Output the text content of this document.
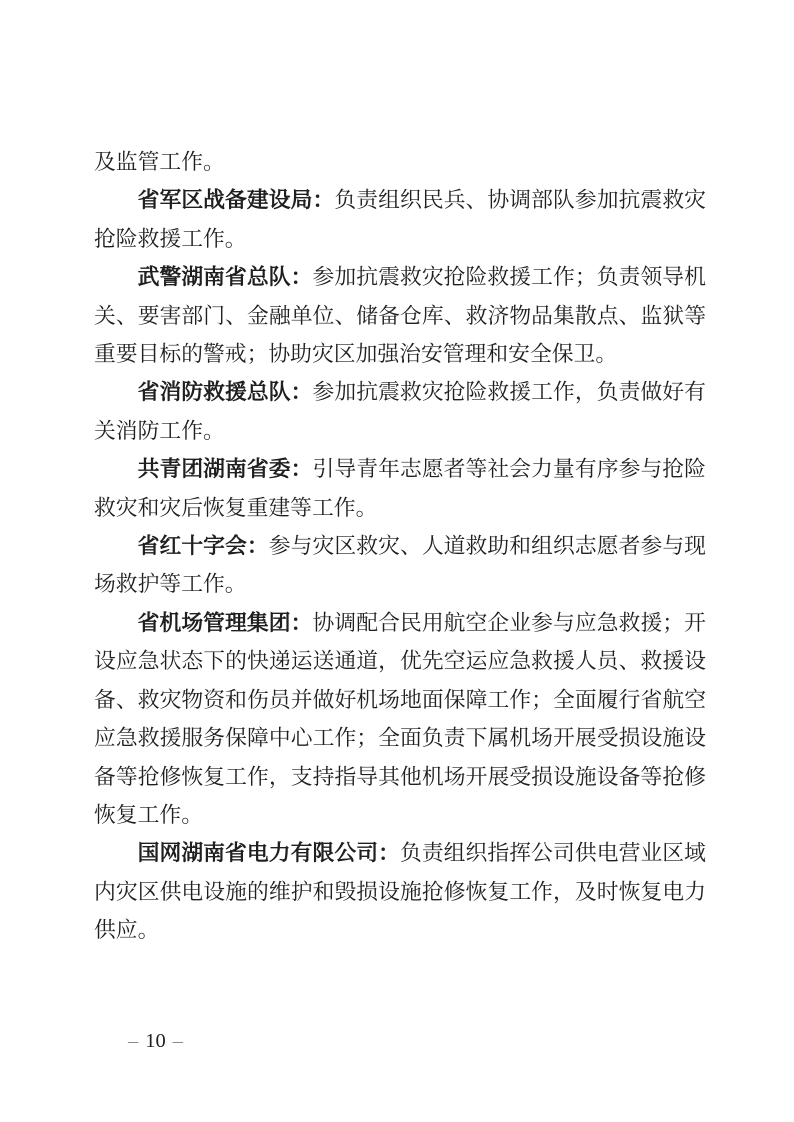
及监管工作。

省军区战备建设局：负责组织民兵、协调部队参加抗震救灾抢险救援工作。

武警湖南省总队：参加抗震救灾抢险救援工作；负责领导机关、要害部门、金融单位、储备仓库、救济物品集散点、监狱等重要目标的警戒；协助灾区加强治安管理和安全保卫。

省消防救援总队：参加抗震救灾抢险救援工作，负责做好有关消防工作。

共青团湖南省委：引导青年志愿者等社会力量有序参与抢险救灾和灾后恢复重建等工作。

省红十字会：参与灾区救灾、人道救助和组织志愿者参与现场救护等工作。

省机场管理集团：协调配合民用航空企业参与应急救援；开设应急状态下的快递运送通道，优先空运应急救援人员、救援设备、救灾物资和伤员并做好机场地面保障工作；全面履行省航空应急救援服务保障中心工作；全面负责下属机场开展受损设施设备等抢修恢复工作，支持指导其他机场开展受损设施设备等抢修恢复工作。

国网湖南省电力有限公司：负责组织指挥公司供电营业区域内灾区供电设施的维护和毁损设施抢修恢复工作，及时恢复电力供应。

– 10 –
